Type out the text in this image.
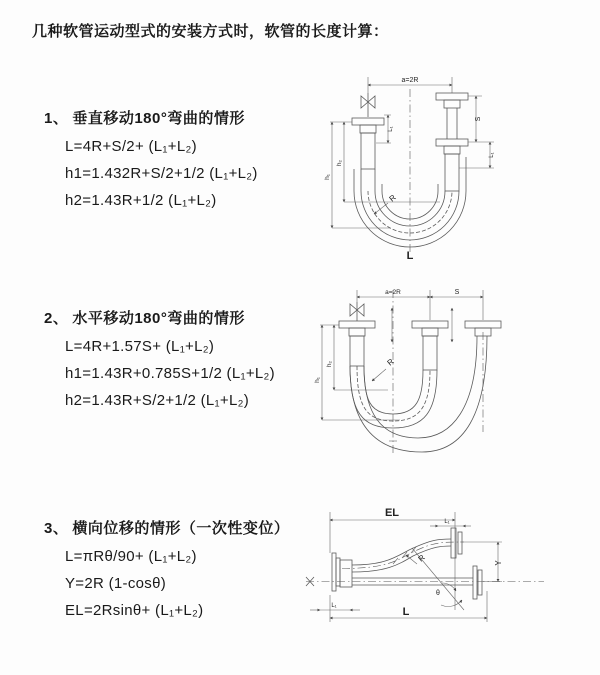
几种软管运动型式的安装方式时，软管的长度计算：
1、 垂直移动180°弯曲的情形
L=4R+S/2+ (L₁+L₂)
h1=1.432R+S/2+1/2 (L₁+L₂)
h2=1.43R+1/2 (L₁+L₂)
2、 水平移动180°弯曲的情形
L=4R+1.57S+ (L₁+L₂)
h1=1.43R+0.785S+1/2 (L₁+L₂)
h2=1.43R+S/2+1/2 (L₁+L₂)
3、 横向位移的情形（一次性变位）
L=πRθ/90+ (L₁+L₂)
Y=2R (1-cosθ)
EL=2Rsinθ+ (L₁+L₂)
a=2R
h₁
h₂
L₁
S
L₁
R
L
a=2R	S
h₁
h₂	R
EL
L₁
Y
R
θ
L
L₁
